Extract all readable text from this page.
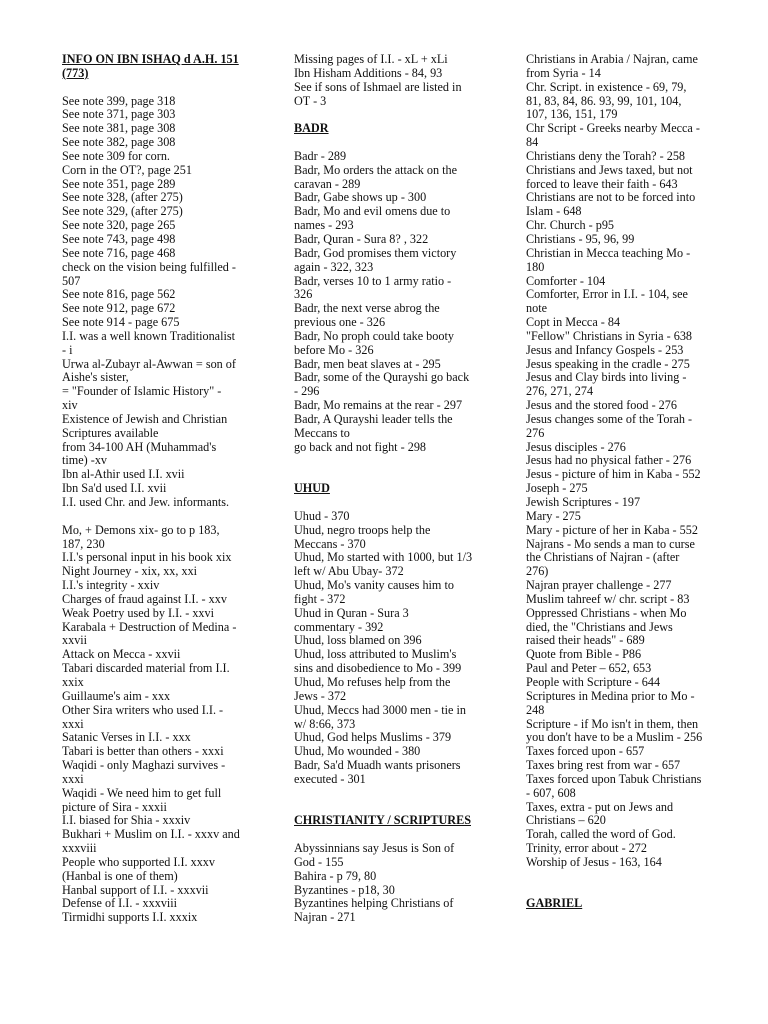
INFO ON IBN ISHAQ d A.H. 151
(773)
See note 399, page 318
See note 371, page 303
See note 381, page 308
See note 382, page 308
See note 309 for corn.
Corn in the OT?, page 251
See note 351, page 289
See note 328, (after 275)
See note 329, (after 275)
See note 320, page 265
See note 743, page 498
See note 716, page 468
check on the vision being fulfilled -
507
See note 816, page 562
See note 912, page 672
See note 914 - page 675
I.I. was a well known Traditionalist
- i
Urwa al-Zubayr al-Awwan = son of
Aishe's sister,
= "Founder of Islamic History" -
xiv
Existence of Jewish and Christian
Scriptures available
from 34-100 AH (Muhammad's
time) -xv
Ibn al-Athir used I.I. xvii
Ibn Sa'd used I.I. xvii
I.I. used Chr. and Jew. informants.
Mo, + Demons xix- go to p 183,
187, 230
I.I.'s personal input in his book xix
Night Journey - xix, xx, xxi
I.I.'s integrity - xxiv
Charges of fraud against I.I. - xxv
Weak Poetry used by I.I. - xxvi
Karabala + Destruction of Medina -
xxvii
Attack on Mecca - xxvii
Tabari discarded material from I.I.
xxix
Guillaume's aim - xxx
Other Sira writers who used I.I. -
xxxi
Satanic Verses in I.I. - xxx
Tabari is better than others - xxxi
Waqidi - only Maghazi survives -
xxxi
Waqidi - We need him to get full
picture of Sira - xxxii
I.I. biased for Shia - xxxiv
Bukhari + Muslim on I.I. - xxxv and
xxxviii
People who supported I.I. xxxv
(Hanbal is one of them)
Hanbal support of I.I. - xxxvii
Defense of I.I. - xxxviii
Tirmidhi supports I.I. xxxix
Missing pages of I.I. - xL + xLi
Ibn Hisham Additions - 84, 93
See if sons of Ishmael are listed in
OT - 3
BADR
Badr - 289
Badr, Mo orders the attack on the
caravan - 289
Badr, Gabe shows up - 300
Badr, Mo and evil omens due to
names - 293
Badr, Quran - Sura 8? , 322
Badr, God promises them victory
again - 322, 323
Badr, verses 10 to 1 army ratio -
326
Badr, the next verse abrog the
previous one - 326
Badr, No proph could take booty
before Mo - 326
Badr, men beat slaves at - 295
Badr, some of the Qurayshi go back
- 296
Badr, Mo remains at the rear - 297
Badr, A Qurayshi leader tells the
Meccans to
go back and not fight - 298
UHUD
Uhud - 370
Uhud, negro troops help the
Meccans - 370
Uhud, Mo started with 1000, but 1/3
left w/ Abu Ubay- 372
Uhud, Mo's vanity causes him to
fight - 372
Uhud in Quran - Sura 3
commentary - 392
Uhud, loss blamed on 396
Uhud, loss attributed to Muslim's
sins and disobedience to Mo - 399
Uhud, Mo refuses help from the
Jews - 372
Uhud, Meccs had 3000 men - tie in
w/ 8:66, 373
Uhud, God helps Muslims - 379
Uhud, Mo wounded - 380
Badr, Sa'd Muadh wants prisoners
executed - 301
CHRISTIANITY / SCRIPTURES
Abyssinnians say Jesus is Son of
God - 155
Bahira - p 79, 80
Byzantines - p18, 30
Byzantines helping Christians of
Najran - 271
Christians in Arabia / Najran, came
from Syria - 14
Chr. Script. in existence - 69, 79,
81, 83, 84, 86. 93, 99, 101, 104,
107, 136, 151, 179
Chr Script - Greeks nearby Mecca -
84
Christians deny the Torah? - 258
Christians and Jews taxed, but not
forced to leave their faith - 643
Christians are not to be forced into
Islam - 648
Chr. Church - p95
Christians - 95, 96, 99
Christian in Mecca teaching Mo -
180
Comforter - 104
Comforter, Error in I.I. - 104, see
note
Copt in Mecca - 84
"Fellow" Christians in Syria - 638
Jesus and Infancy Gospels - 253
Jesus speaking in the cradle - 275
Jesus and Clay birds into living -
276, 271, 274
Jesus and the stored food - 276
Jesus changes some of the Torah -
276
Jesus disciples - 276
Jesus had no physical father - 276
Jesus - picture of him in Kaba - 552
Joseph - 275
Jewish Scriptures - 197
Mary - 275
Mary - picture of her in Kaba - 552
Najrans - Mo sends a man to curse
the Christians of Najran - (after
276)
Najran prayer challenge - 277
Muslim tahreef w/ chr. script - 83
Oppressed Christians - when Mo
died, the "Christians and Jews
raised their heads" - 689
Quote from Bible - P86
Paul and Peter – 652, 653
People with Scripture - 644
Scriptures in Medina prior to Mo -
248
Scripture - if Mo isn't in them, then
you don't have to be a Muslim - 256
Taxes forced upon - 657
Taxes bring rest from war - 657
Taxes forced upon Tabuk Christians
- 607, 608
Taxes, extra - put on Jews and
Christians – 620
Torah, called the word of God.
Trinity, error about - 272
Worship of Jesus - 163, 164
GABRIEL
